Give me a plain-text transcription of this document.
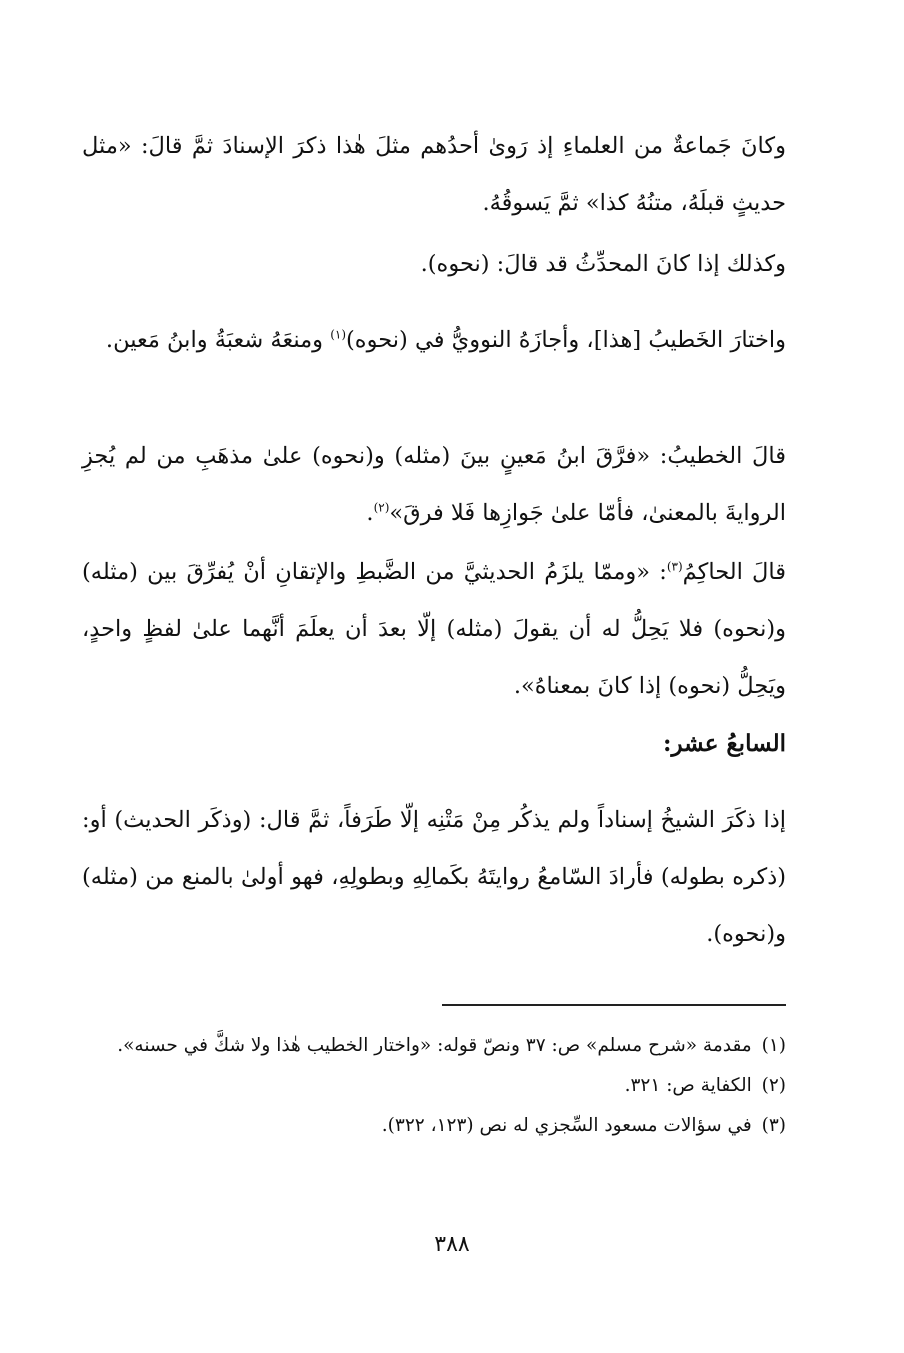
وكانَ جَماعةٌ من العلماءِ إذ رَوىٰ أحدُهم مثلَ هٰذا ذكرَ الإسنادَ ثمَّ قالَ: «مثل حديثٍ قبلَهُ، متنُهُ كذا» ثمَّ يَسوقُهُ.

وكذلك إذا كانَ المحدِّثُ قد قالَ: (نحوه).

واختارَ الخَطيبُ [هذا]، وأجازَهُ النوويُّ في (نحوه)$^{(١)}$ ومنعَهُ شعبَةُ وابنُ مَعين.

قالَ الخطيبُ: «فرَّقَ ابنُ مَعينٍ بينَ (مثله) و(نحوه) علىٰ مذهَبِ من لم يُجزِ الروايةَ بالمعنىٰ، فأمّا علىٰ جَوازِها فَلا فرقَ»$^{(٢)}$.

قالَ الحاكِمُ$^{(٣)}$: «وممّا يلزَمُ الحديثيَّ من الضَّبطِ والإتقانِ أنْ يُفرِّقَ بين (مثله) و(نحوه) فلا يَحِلُّ له أن يقولَ (مثله) إلّا بعدَ أن يعلَمَ أنَّهما علىٰ لفظٍ واحدٍ، ويَحِلُّ (نحوه) إذا كانَ بمعناهُ».

السابعُ عشر:

إذا ذكَرَ الشيخُ إسناداً ولم يذكُر مِنْ مَتْنِه إلّا طَرَفاً، ثمَّ قال: (وذكَر الحديث) أو: (ذكره بطوله) فأرادَ السّامعُ روايتَهُ بكَمالِهِ وبطولِهِ، فهو أولىٰ بالمنع من (مثله) و(نحوه).

(١) مقدمة «شرح مسلم» ص: ٣٧ ونصّ قوله: «واختار الخطيب هٰذا ولا شكَّ في حسنه».

(٢) الكفاية ص: ٣٢١.

(٣) في سؤالات مسعود السِّجزي له نص (١٢٣، ٣٢٢).

٣٨٨
